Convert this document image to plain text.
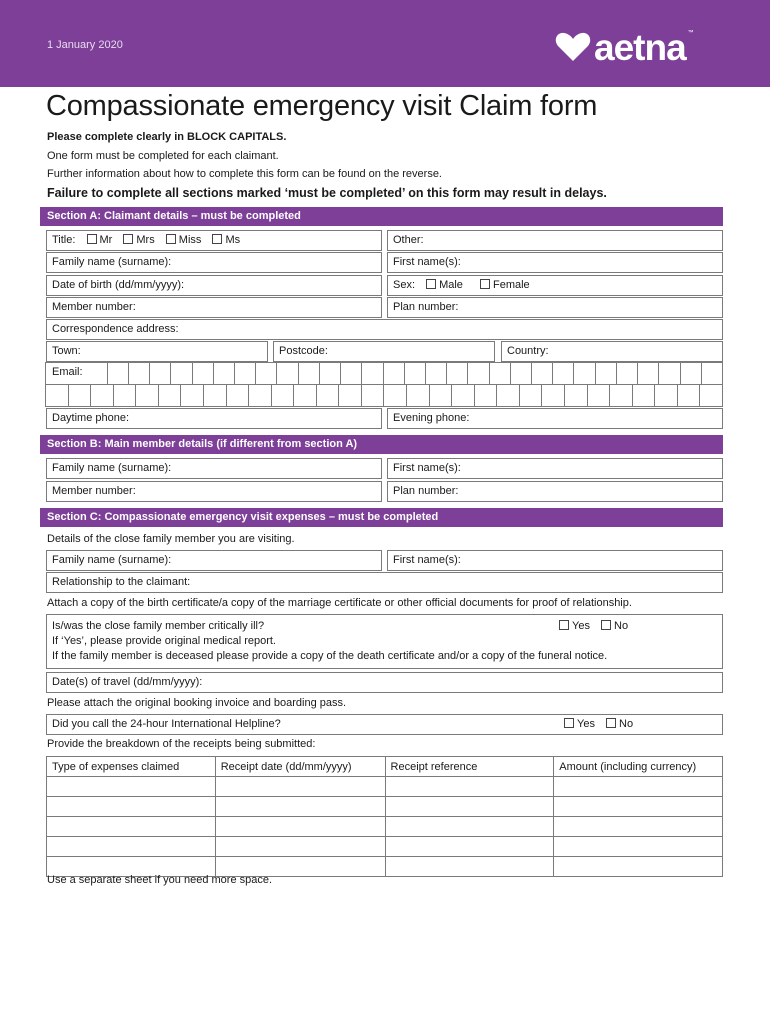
1 January 2020	aetna ™
Compassionate emergency visit Claim form
Please complete clearly in BLOCK CAPITALS.
One form must be completed for each claimant.
Further information about how to complete this form can be found on the reverse.
Failure to complete all sections marked ‘must be completed’ on this form may result in delays.
Section A: Claimant details – must be completed
Title: Mr Mrs Miss Ms	Other:
Family name (surname):	First name(s):
Date of birth (dd/mm/yyyy):	Sex: Male	Female
Member number:	Plan number:
Correspondence address:
Town:	Postcode:	Country:
Email:
Daytime phone:	Evening phone:
Section B: Main member details (if different from section A)
Family name (surname):	First name(s):
Member number:	Plan number:
Section C: Compassionate emergency visit expenses – must be completed
Details of the close family member you are visiting.
Family name (surname):	First name(s):
Relationship to the claimant:
Attach a copy of the birth certificate/a copy of the marriage certificate or other official documents for proof of relationship.
Is/was the close family member critically ill?
If ‘Yes’, please provide original medical report.
If the family member is deceased please provide a copy of the death certificate and/or a copy of the funeral notice.
Yes No
Date(s) of travel (dd/mm/yyyy):
Please attach the original booking invoice and boarding pass.
Did you call the 24-hour International Helpline?	Yes No
Provide the breakdown of the receipts being submitted:
Type of expenses claimed	Receipt date (dd/mm/yyyy)	Receipt reference	Amount (including currency)

Use a separate sheet if you need more space.
